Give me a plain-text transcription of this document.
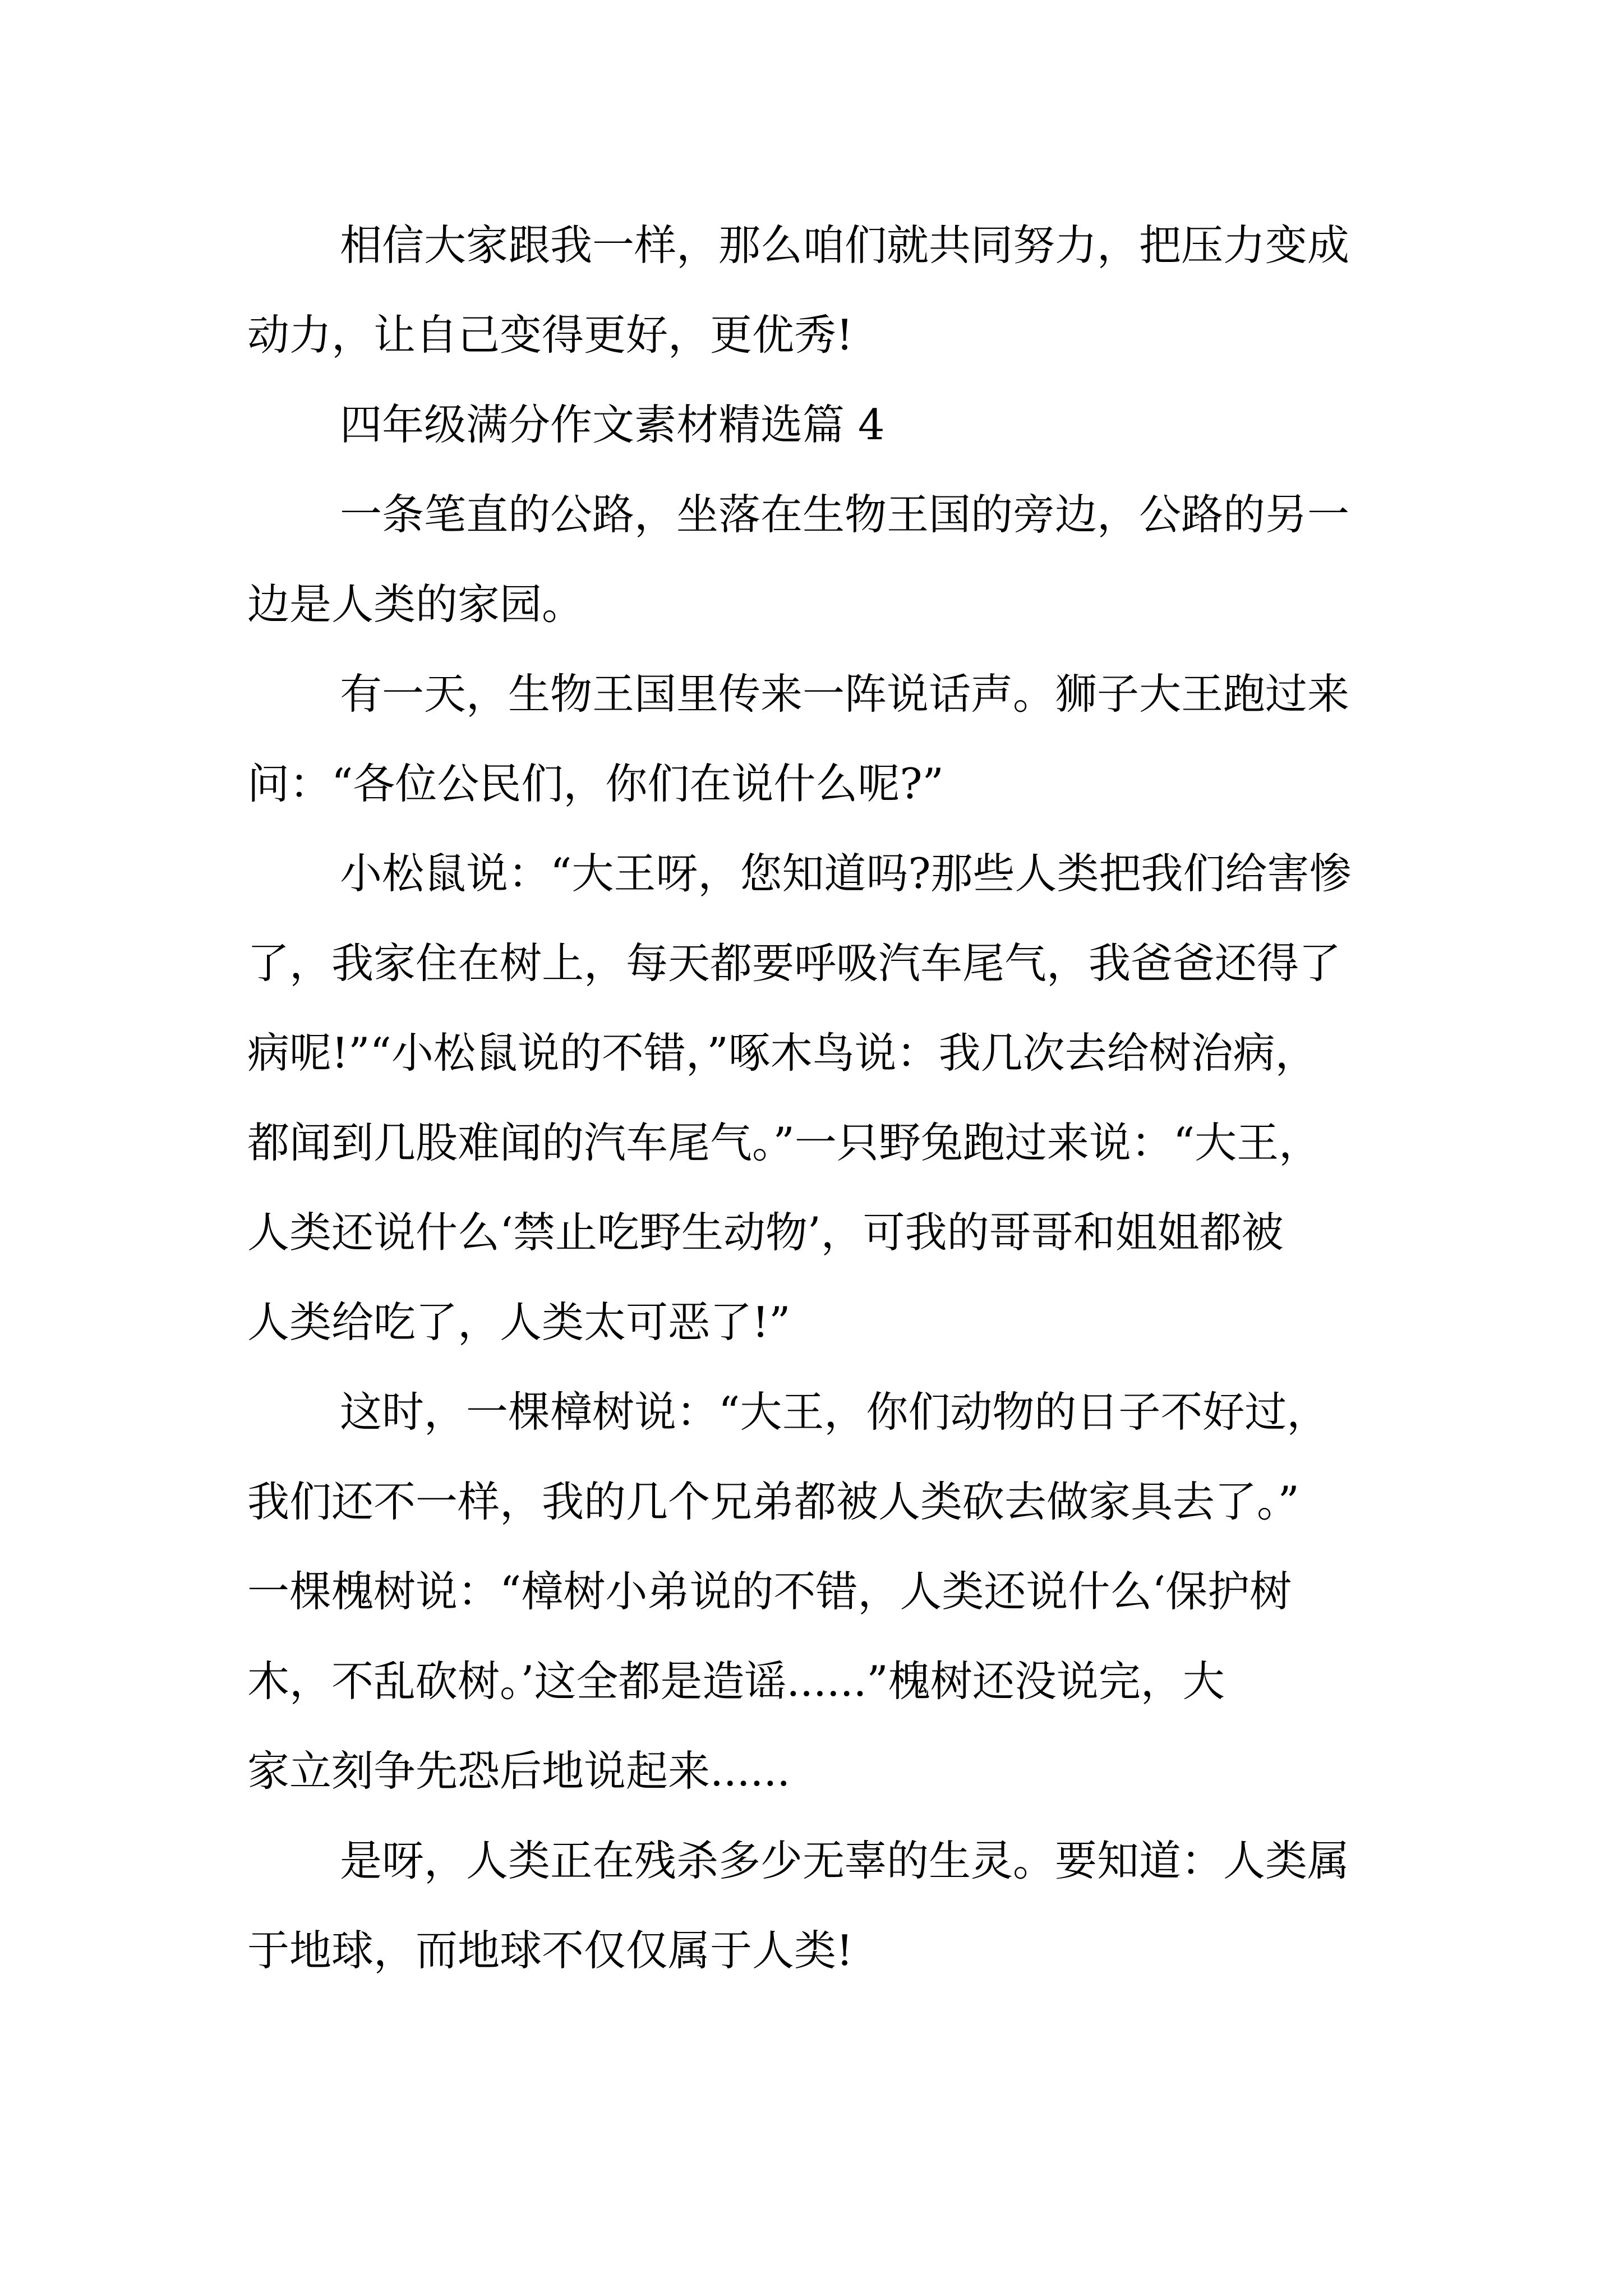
相信大家跟我一样，那么咱们就共同努力，把压力变成
动力，让自己变得更好，更优秀!
四年级满分作文素材精选篇 4
一条笔直的公路，坐落在生物王国的旁边，公路的另一
边是人类的家园。
有一天，生物王国里传来一阵说话声。狮子大王跑过来
问：“各位公民们，你们在说什么呢?”
小松鼠说：“大王呀，您知道吗?那些人类把我们给害惨
了，我家住在树上，每天都要呼吸汽车尾气，我爸爸还得了
病呢!”“小松鼠说的不错，”啄木鸟说：我几次去给树治病，
都闻到几股难闻的汽车尾气。”一只野兔跑过来说：“大王，
人类还说什么‘禁止吃野生动物’，可我的哥哥和姐姐都被
人类给吃了，人类太可恶了!”
这时，一棵樟树说：“大王，你们动物的日子不好过，
我们还不一样，我的几个兄弟都被人类砍去做家具去了。”
一棵槐树说：“樟树小弟说的不错，人类还说什么‘保护树
木，不乱砍树。’这全都是造谣......”槐树还没说完，大
家立刻争先恐后地说起来......
是呀，人类正在残杀多少无辜的生灵。要知道：人类属
于地球，而地球不仅仅属于人类!
